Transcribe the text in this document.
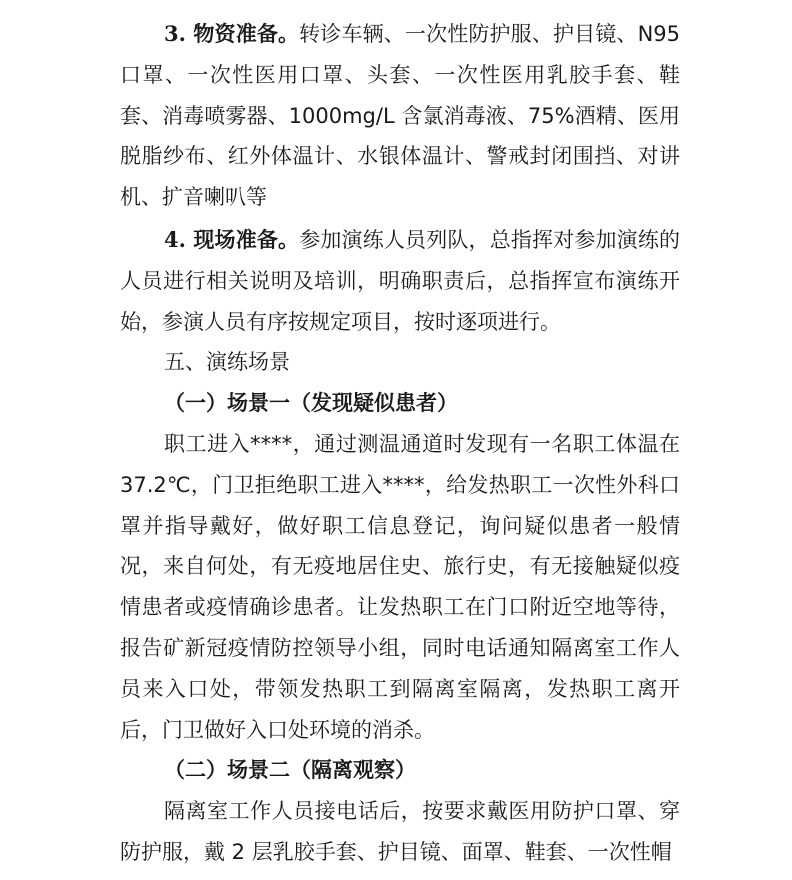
3. 物资准备。转诊车辆、一次性防护服、护目镜、N95口罩、一次性医用口罩、头套、一次性医用乳胶手套、鞋套、消毒喷雾器、1000mg/L 含氯消毒液、75%酒精、医用脱脂纱布、红外体温计、水银体温计、警戒封闭围挡、对讲机、扩音喇叭等

4. 现场准备。参加演练人员列队，总指挥对参加演练的人员进行相关说明及培训，明确职责后，总指挥宣布演练开始，参演人员有序按规定项目，按时逐项进行。

五、演练场景

（一）场景一（发现疑似患者）

职工进入****，通过测温通道时发现有一名职工体温在37.2℃，门卫拒绝职工进入****，给发热职工一次性外科口罩并指导戴好，做好职工信息登记，询问疑似患者一般情况，来自何处，有无疫地居住史、旅行史，有无接触疑似疫情患者或疫情确诊患者。让发热职工在门口附近空地等待，报告矿新冠疫情防控领导小组，同时电话通知隔离室工作人员来入口处，带领发热职工到隔离室隔离，发热职工离开后，门卫做好入口处环境的消杀。

（二）场景二（隔离观察）

隔离室工作人员接电话后，按要求戴医用防护口罩、穿防护服，戴 2 层乳胶手套、护目镜、面罩、鞋套、一次性帽
